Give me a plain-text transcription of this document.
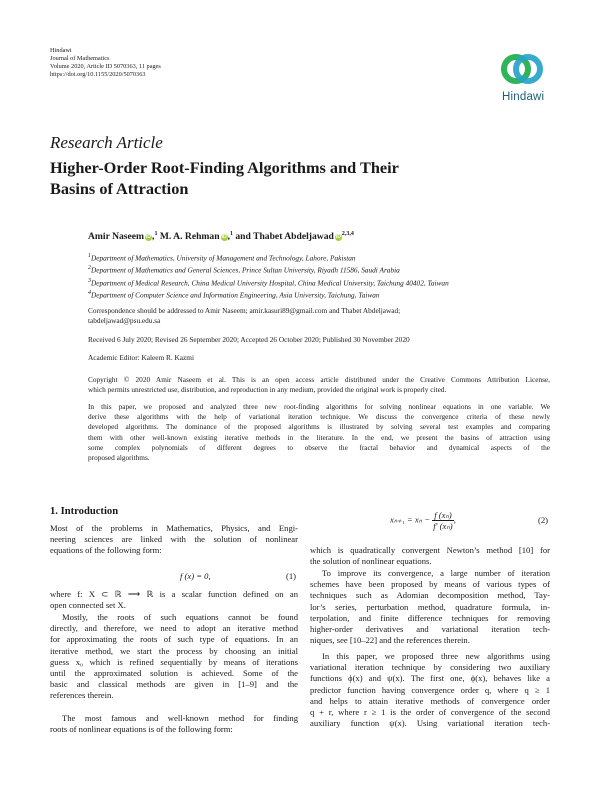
Hindawi
Journal of Mathematics
Volume 2020, Article ID 5070363, 11 pages
https://doi.org/10.1155/2020/5070363
Hindawi
Research Article
Higher-Order Root-Finding Algorithms and Their
Basins of Attraction
Amir Naseem iD,$^1$ M. A. Rehman iD,$^1$ and Thabet Abdeljawad iD$^{2,3,4}$
$^1$Department of Mathematics, University of Management and Technology, Lahore, Pakistan
$^2$Department of Mathematics and General Sciences, Prince Sultan University, Riyadh 11586, Saudi Arabia
$^3$Department of Medical Research, China Medical University Hospital, China Medical University, Taichung 40402, Taiwan
$^4$Department of Computer Science and Information Engineering, Asia University, Taichung, Taiwan
Correspondence should be addressed to Amir Naseem; amir.kasuri89@gmail.com and Thabet Abdeljawad;
tabdeljawad@psu.edu.sa
Received 6 July 2020; Revised 26 September 2020; Accepted 26 October 2020; Published 30 November 2020
Academic Editor: Kaleem R. Kazmi
Copyright © 2020 Amir Naseem et al. This is an open access article distributed under the Creative Commons Attribution License,
which permits unrestricted use, distribution, and reproduction in any medium, provided the original work is properly cited.
In this paper, we proposed and analyzed three new root-finding algorithms for solving nonlinear equations in one variable. We
derive these algorithms with the help of variational iteration technique. We discuss the convergence criteria of these newly
developed algorithms. The dominance of the proposed algorithms is illustrated by solving several test examples and comparing
them with other well-known existing iterative methods in the literature. In the end, we present the basins of attraction using
some complex polynomials of different degrees to observe the fractal behavior and dynamical aspects of the
proposed algorithms.
1. Introduction
Most of the problems in Mathematics, Physics, and Engi-
neering sciences are linked with the solution of nonlinear
equations of the following form:
f (x) = 0,	(1)
where f: X ⊂ ℝ ⟶ ℝ is a scalar function defined on an
open connected set X.
Mostly, the roots of such equations cannot be found
directly, and therefore, we need to adopt an iterative method
for approximating the roots of such type of equations. In an
iterative method, we start the process by choosing an initial
guess x₀ which is refined sequentially by means of iterations
until the approximated solution is achieved. Some of the
basic and classical methods are given in [1–9] and the
references therein.
The most famous and well-known method for finding
roots of nonlinear equations is of the following form:
$x_{n+1} = x_n - \frac{\text{f (xₙ)}}{\text{f′ (xₙ)}}$ ,	(2)
which is quadratically convergent Newton’s method [10] for
the solution of nonlinear equations.
To improve its convergence, a large number of iteration
schemes have been proposed by means of various types of
techniques such as Adomian decomposition method, Tay-
lor’s series, perturbation method, quadrature formula, in-
terpolation, and finite difference techniques for removing
higher-order derivatives and variational iteration tech-
niques, see [10–22] and the references therein.
In this paper, we proposed three new algorithms using
variational iteration technique by considering two auxiliary
functions ϕ(x) and ψ(x). The first one, ϕ(x), behaves like a
predictor function having convergence order q, where q ≥ 1
and helps to attain iterative methods of convergence order
q + r, where r ≥ 1 is the order of convergence of the second
auxiliary function ψ(x). Using variational iteration tech-
